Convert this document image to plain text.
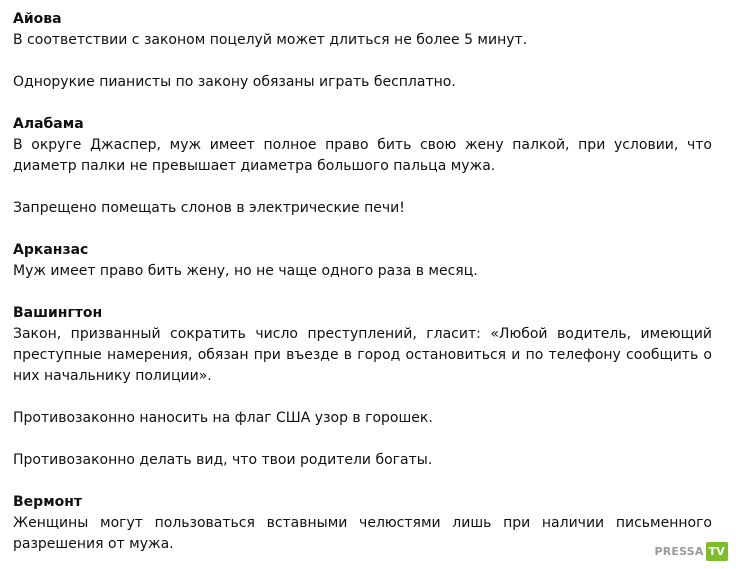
Айова
В соответствии с законом поцелуй может длиться не более 5 минут.
Однорукие пианисты по закону обязаны играть бесплатно.
Алабама
В округе Джаспер, муж имеет полное право бить свою жену палкой, при условии, что диаметр палки не превышает диаметра большого пальца мужа.
Запрещено помещать слонов в электрические печи!
Арканзас
Муж имеет право бить жену, но не чаще одного раза в месяц.
Вашингтон
Закон, призванный сократить число преступлений, гласит: «Любой водитель, имеющий преступные намерения, обязан при въезде в город остановиться и по телефону сообщить о них начальнику полиции».
Противозаконно наносить на флаг США узор в горошек.
Противозаконно делать вид, что твои родители богаты.
Вермонт
Женщины могут пользоваться вставными челюстями лишь при наличии письменного разрешения от мужа.	PRESSA TV
